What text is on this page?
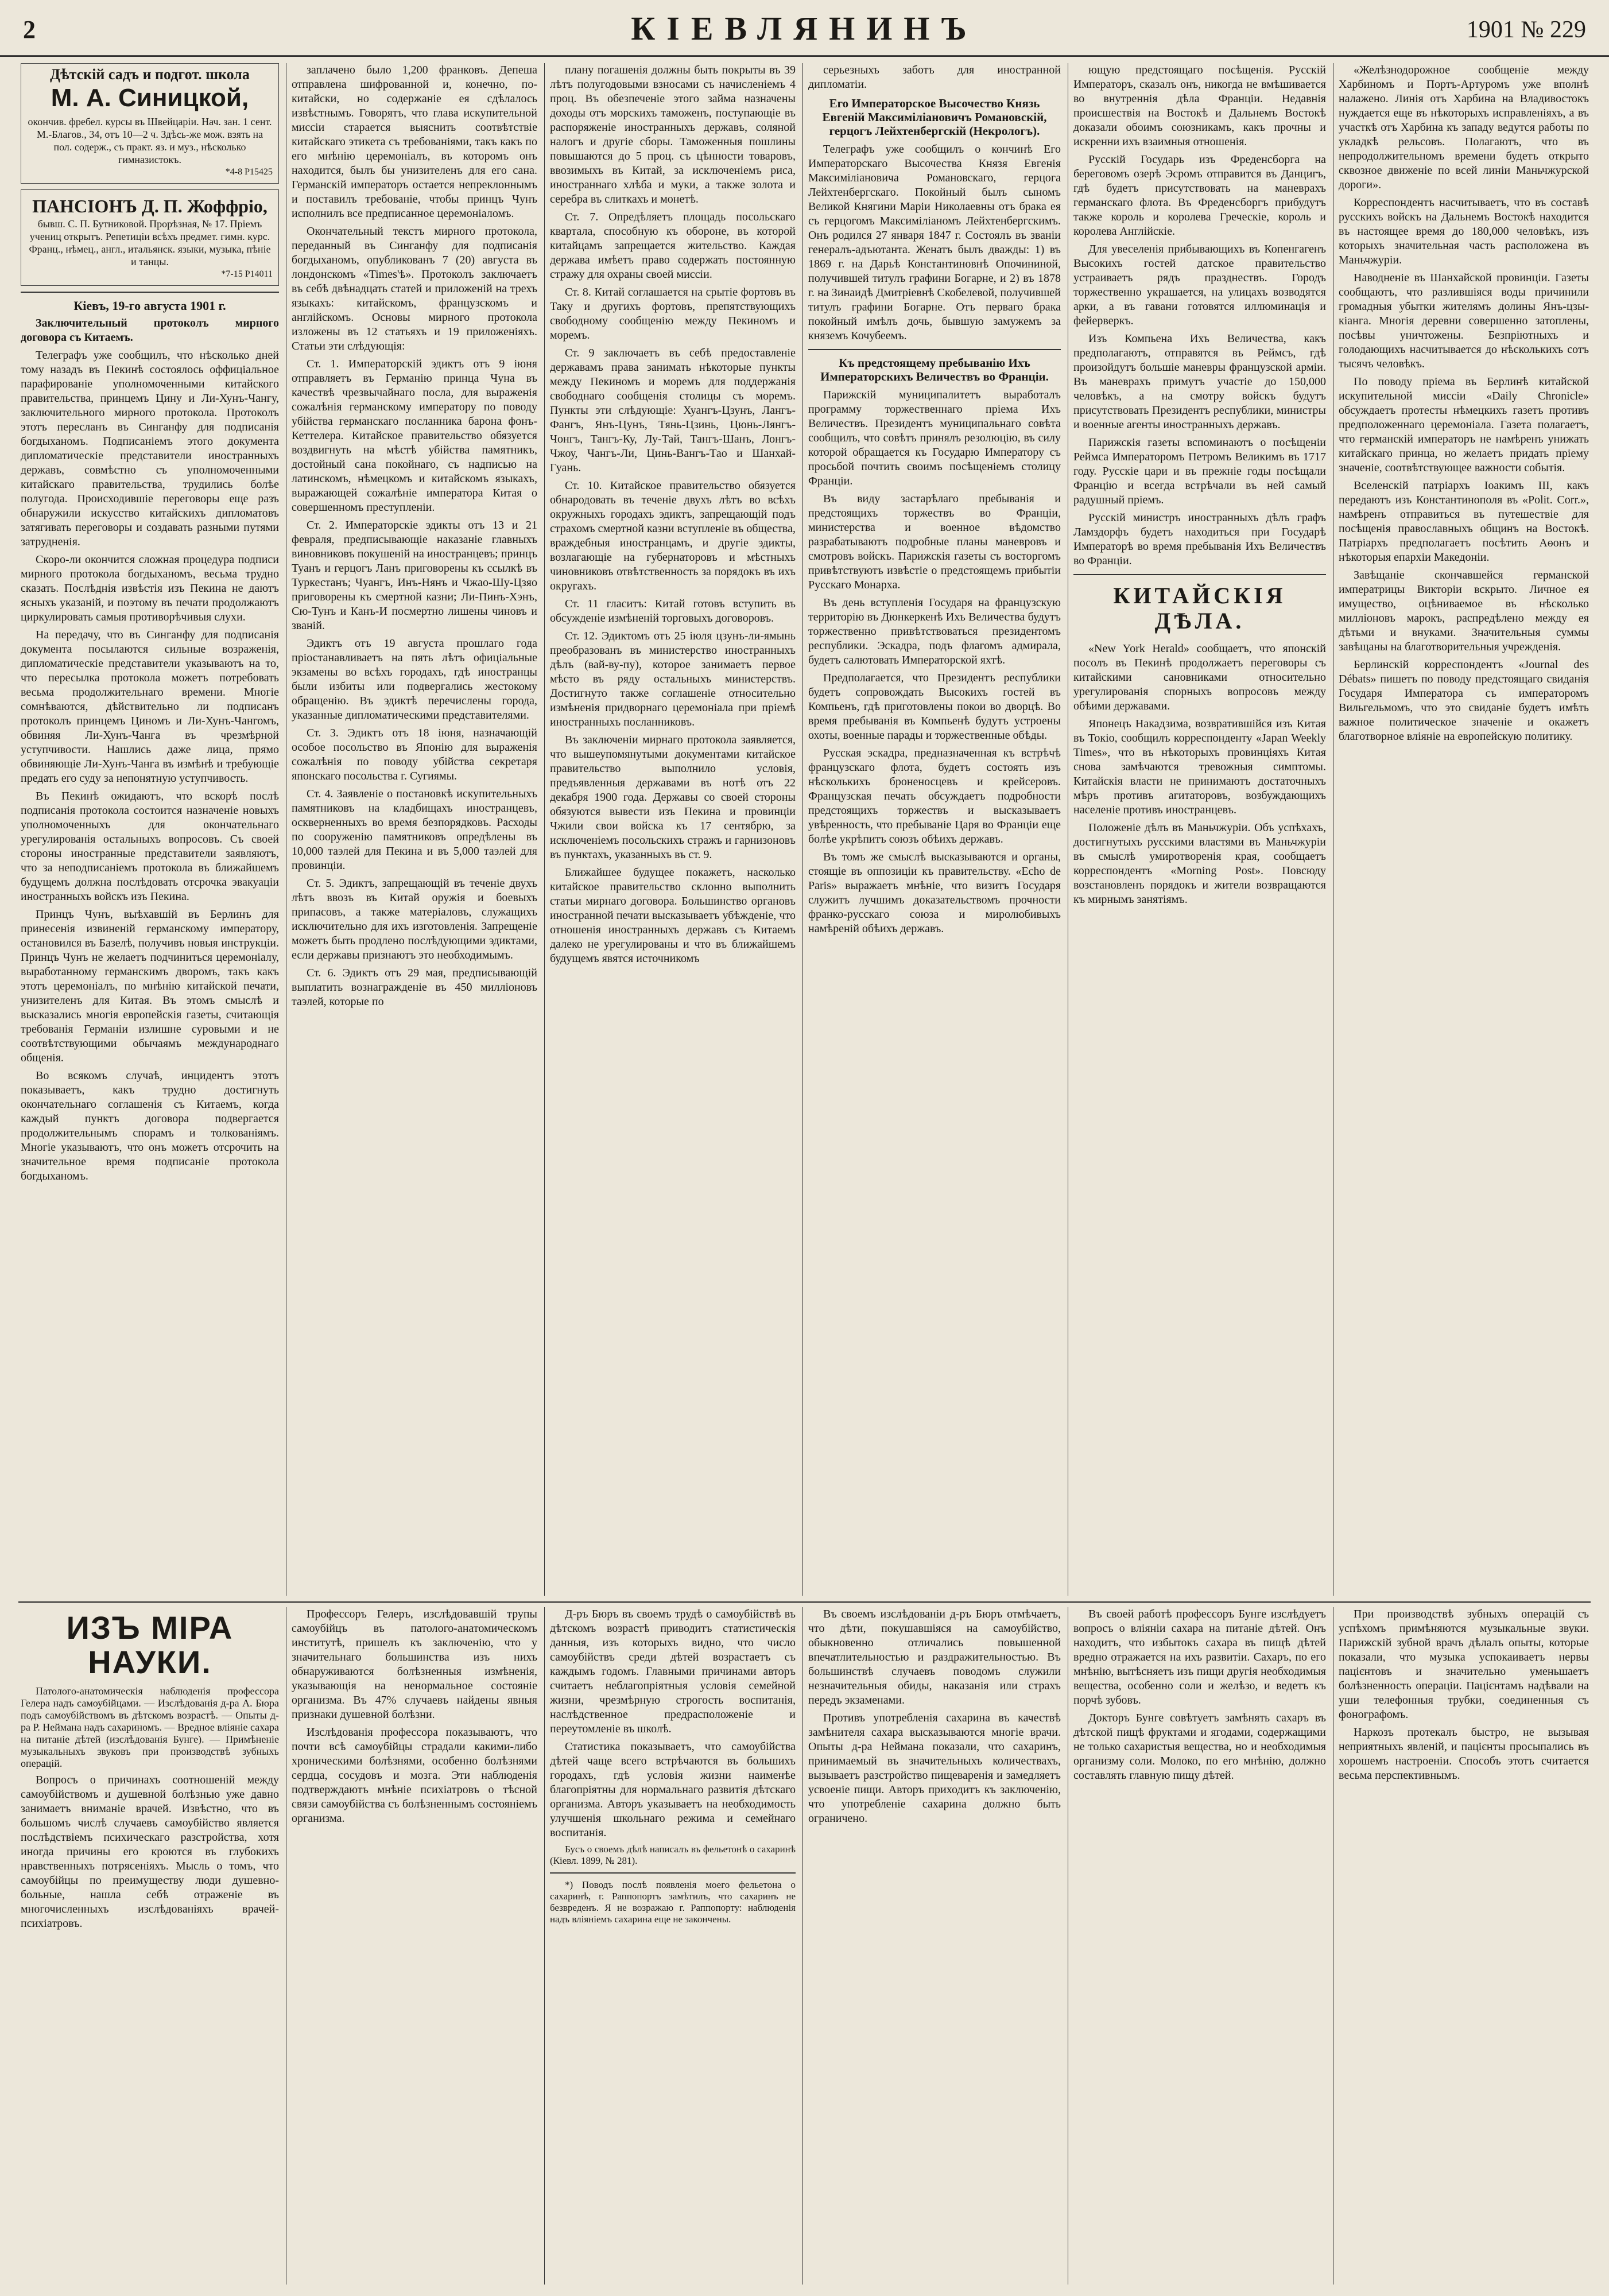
2	КІЕВЛЯНИНЪ	1901 № 229
Дѣтскій садъ и подгот. школа
М. А. Синицкой,
окончив. фребел. курсы въ Швейцаріи. Нач. зан. 1 сент. М.-Благов., 34, отъ 10—2 ч. Здѣсь-же мож. взять на пол. содерж., съ практ. яз. и муз., нѣсколько гимназистокъ.
*4-8 Р15425
ПАНСІОНЪ Д. П. Жоффріо,
бывш. С. П. Бутниковой. Прорѣзная, № 17. Пріемъ учениц открытъ. Репетиціи всѣхъ предмет. гимн. курс. Франц., нѣмец., англ., итальянск. языки, музыка, пѣніе и танцы.
*7-15 Р14011
Кіевъ, 19-го августа 1901 г.

Заключительный протоколъ мирного договора съ Китаемъ.

Телеграфъ уже сообщилъ, что нѣсколько дней тому назадъ въ Пекинѣ состоялось оффиціальное парафированіе уполномоченными китайского правительства, принцемъ Цину и Ли-Хунъ-Чангу, заключительного мирного протокола. Протоколъ этотъ пересланъ въ Синганфу для подписанія богдыханомъ. Подписаніемъ этого документа дипломатическіе представители иностранныхъ державъ, совмѣстно съ уполномоченными китайскаго правительства, трудились болѣе полугода. Происходившіе переговоры еще разъ обнаружили искусство китайскихъ дипломатовъ затягивать переговоры и создавать разными путями затрудненія.

Скоро-ли окончится сложная процедура подписи мирного протокола богдыханомъ, весьма трудно сказать. Послѣднія извѣстія изъ Пекина не даютъ ясныхъ указаній, и поэтому въ печати продолжаютъ циркулировать самыя противорѣчивыя слухи.

На передачу, что въ Синганфу для подписанія документа посылаются сильные возраженія, дипломатическіе представители указываютъ на то, что пересылка протокола можетъ потребовать весьма продолжительнаго времени. Многіе сомнѣваются, дѣйствительно ли подписанъ протоколъ принцемъ Циномъ и Ли-Хунъ-Чангомъ, обвиняя Ли-Хунъ-Чанга въ чрезмѣрной уступчивости. Нашлись даже лица, прямо обвиняющіе Ли-Хунъ-Чанга въ измѣнѣ и требующіе предать его суду за непонятную уступчивость.

Въ Пекинѣ ожидаютъ, что вскорѣ послѣ подписанія протокола состоится назначеніе новыхъ уполномоченныхъ для окончательнаго урегулированія остальныхъ вопросовъ. Съ своей стороны иностранные представители заявляютъ, что за неподписаніемъ протокола въ ближайшемъ будущемъ должна послѣдовать отсрочка эвакуаціи иностранныхъ войскъ изъ Пекина.

Принцъ Чунъ, выѣхавшій въ Берлинъ для принесенія извиненій германскому императору, остановился въ Базелѣ, получивъ новыя инструкціи. Принцъ Чунъ не желаетъ подчиниться церемоніалу, выработанному германскимъ дворомъ, такъ какъ этотъ церемоніалъ, по мнѣнію китайской печати, унизителенъ для Китая. Въ этомъ смыслѣ и высказались многія европейскія газеты, считающія требованія Германіи излишне суровыми и не соотвѣтствующими обычаямъ международнаго общенія.

Во всякомъ случаѣ, инцидентъ этотъ показываетъ, какъ трудно достигнуть окончательнаго соглашенія съ Китаемъ, когда каждый пунктъ договора подвергается продолжительнымъ спорамъ и толкованіямъ. Многіе указываютъ, что онъ можетъ отсрочить на значительное время подписаніе протокола богдыханомъ.

заплачено было 1,200 франковъ. Депеша отправлена шифрованной и, конечно, по-китайски, но содержаніе ея сдѣлалось извѣстнымъ. Говорятъ, что глава искупительной миссіи старается выяснить соотвѣтствіе китайскаго этикета съ требованіями, такъ какъ по его мнѣнію церемоніалъ, въ которомъ онъ находится, былъ бы унизителенъ для его сана. Германскій императоръ остается непреклоннымъ и поставилъ требованіе, чтобы принцъ Чунъ исполнилъ все предписанное церемоніаломъ.

Окончательный текстъ мирного протокола, переданный въ Синганфу для подписанія богдыханомъ, опубликованъ 7 (20) августа въ лондонскомъ «Times'ѣ». Протоколъ заключаетъ въ себѣ двѣнадцать статей и приложеній на трехъ языкахъ: китайскомъ, французскомъ и англійскомъ. Основы мирного протокола изложены въ 12 статьяхъ и 19 приложеніяхъ. Статьи эти слѣдующія:

Ст. 1. Императорскій эдиктъ отъ 9 іюня отправляетъ въ Германію принца Чуна въ качествѣ чрезвычайнаго посла, для выраженія сожалѣнія германскому императору по поводу убійства германскаго посланника барона фонъ-Кеттелера. Китайское правительство обязуется воздвигнуть на мѣстѣ убійства памятникъ, достойный сана покойнаго, съ надписью на латинскомъ, нѣмецкомъ и китайскомъ языкахъ, выражающей сожалѣніе императора Китая о совершенномъ преступленіи.

Ст. 2. Императорскіе эдикты отъ 13 и 21 февраля, предписывающіе наказаніе главныхъ виновниковъ покушеній на иностранцевъ; принцъ Туанъ и герцогъ Ланъ приговорены къ ссылкѣ въ Туркестанъ; Чуангъ, Инъ-Нянъ и Чжао-Шу-Цзяо приговорены къ смертной казни; Ли-Пинъ-Хэнъ, Сю-Тунъ и Канъ-И посмертно лишены чиновъ и званій.

Эдиктъ отъ 19 августа прошлаго года пріостанавливаетъ на пять лѣтъ офиціальные экзамены во всѣхъ городахъ, гдѣ иностранцы были избиты или подвергались жестокому обращенію. Въ эдиктѣ перечислены города, указанные дипломатическими представителями.

Ст. 3. Эдиктъ отъ 18 іюня, назначающій особое посольство въ Японію для выраженія сожалѣнія по поводу убійства секретаря японскаго посольства г. Сугиямы.

Ст. 4. Заявленіе о постановкѣ искупительныхъ памятниковъ на кладбищахъ иностранцевъ, оскверненныхъ во время безпорядковъ. Расходы по сооруженію памятниковъ опредѣлены въ 10,000 таэлей для Пекина и въ 5,000 таэлей для провинціи.

Ст. 5. Эдиктъ, запрещающій въ теченіе двухъ лѣтъ ввозъ въ Китай оружія и боевыхъ припасовъ, а также матеріаловъ, служащихъ исключительно для ихъ изготовленія. Запрещеніе можетъ быть продлено послѣдующими эдиктами, если державы признаютъ это необходимымъ.

Ст. 6. Эдиктъ отъ 29 мая, предписывающій выплатить вознагражденіе въ 450 милліоновъ таэлей, которые по

плану погашенія должны быть покрыты въ 39 лѣтъ полугодовыми взносами съ начисленіемъ 4 проц. Въ обезпеченіе этого займа назначены доходы отъ морскихъ таможенъ, поступающіе въ распоряженіе иностранныхъ державъ, соляной налогъ и другіе сборы. Таможенныя пошлины повышаются до 5 проц. съ цѣнности товаровъ, ввозимыхъ въ Китай, за исключеніемъ риса, иностраннаго хлѣба и муки, а также золота и серебра въ слиткахъ и монетѣ.

Ст. 7. Опредѣляетъ площадь посольскаго квартала, способную къ обороне, въ которой китайцамъ запрещается жительство. Каждая держава имѣетъ право содержать постоянную стражу для охраны своей миссіи.

Ст. 8. Китай соглашается на срытіе фортовъ въ Таку и другихъ фортовъ, препятствующихъ свободному сообщенію между Пекиномъ и моремъ.

Ст. 9 заключаетъ въ себѣ предоставленіе державамъ права занимать нѣкоторые пункты между Пекиномъ и моремъ для поддержанія свободнаго сообщенія столицы съ моремъ. Пункты эти слѣдующіе: Хуангъ-Цзунъ, Лангъ-Фангъ, Янъ-Цунъ, Тянь-Цзинь, Цюнь-Лянгъ-Чонгъ, Тангъ-Ку, Лу-Тай, Тангъ-Шанъ, Лонгъ-Чжоу, Чангъ-Ли, Цинь-Вангъ-Тао и Шанхай-Гуань.

Ст. 10. Китайское правительство обязуется обнародовать въ теченіе двухъ лѣтъ во всѣхъ окружныхъ городахъ эдиктъ, запрещающій подъ страхомъ смертной казни вступленіе въ общества, враждебныя иностранцамъ, и другіе эдикты, возлагающіе на губернаторовъ и мѣстныхъ чиновниковъ отвѣтственность за порядокъ въ ихъ округахъ.

Ст. 11 гласитъ: Китай готовъ вступить въ обсужденіе измѣненій торговыхъ договоровъ.

Ст. 12. Эдиктомъ отъ 25 іюля цзунъ-ли-ямынь преобразованъ въ министерство иностранныхъ дѣлъ (вай-ву-пу), которое занимаетъ первое мѣсто въ ряду остальныхъ министерствъ. Достигнуто также соглашеніе относительно измѣненія придворнаго церемоніала при пріемѣ иностранныхъ посланниковъ.

Въ заключеніи мирнаго протокола заявляется, что вышеупомянутыми документами китайское правительство выполнило условія, предъявленныя державами въ нотѣ отъ 22 декабря 1900 года. Державы со своей стороны обязуются вывести изъ Пекина и провинціи Чжили свои войска къ 17 сентябрю, за исключеніемъ посольскихъ стражъ и гарнизоновъ въ пунктахъ, указанныхъ въ ст. 9.

Ближайшее будущее покажетъ, насколько китайское правительство склонно выполнить статьи мирнаго договора. Большинство органовъ иностранной печати высказываетъ убѣжденіе, что отношенія иностранныхъ державъ съ Китаемъ далеко не урегулированы и что въ ближайшемъ будущемъ явятся источникомъ

серьезныхъ заботъ для иностранной дипломатіи.

Его Императорское Высочество Князь Евгеній Максиміліановичъ Романовскій, герцогъ Лейхтенбергскій (Некрологъ).

Телеграфъ уже сообщилъ о кончинѣ Его Императорскаго Высочества Князя Евгенія Максиміліановича Романовскаго, герцога Лейхтенбергскаго. Покойный былъ сыномъ Великой Княгини Маріи Николаевны отъ брака ея съ герцогомъ Максиміліаномъ Лейхтенбергскимъ. Онъ родился 27 января 1847 г. Состоялъ въ званіи генералъ-адъютанта. Женатъ былъ дважды: 1) въ 1869 г. на Дарьѣ Константиновнѣ Опочининой, получившей титулъ графини Богарне, и 2) въ 1878 г. на Зинаидѣ Дмитріевнѣ Скобелевой, получившей титулъ графини Богарне. Отъ перваго брака покойный имѣлъ дочь, бывшую замужемъ за княземъ Кочубеемъ.

Къ предстоящему пребыванію Ихъ Императорскихъ Величествъ во Франціи.

Парижскій муниципалитетъ выработалъ программу торжественнаго пріема Ихъ Величествъ. Президентъ муниципальнаго совѣта сообщилъ, что совѣтъ принялъ резолюцію, въ силу которой обращается къ Государю Императору съ просьбой почтить своимъ посѣщеніемъ столицу Франціи.

Въ виду застарѣлаго пребыванія и предстоящихъ торжествъ во Франціи, министерства и военное вѣдомство разрабатываютъ подробные планы маневровъ и смотровъ войскъ. Парижскія газеты съ восторгомъ привѣтствуютъ извѣстіе о предстоящемъ прибытіи Русскаго Монарха.

Въ день вступленія Государя на французскую территорію въ Дюнкеркенѣ Ихъ Величества будутъ торжественно привѣтствоваться президентомъ республики. Эскадра, подъ флагомъ адмирала, будетъ салютовать Императорской яхтѣ.

Предполагается, что Президентъ республики будетъ сопровождать Высокихъ гостей въ Компьенъ, гдѣ приготовлены покои во дворцѣ. Во время пребыванія въ Компьенѣ будутъ устроены охоты, военные парады и торжественные обѣды.

Русская эскадра, предназначенная къ встрѣчѣ французскаго флота, будетъ состоять изъ нѣсколькихъ броненосцевъ и крейсеровъ. Французская печать обсуждаетъ подробности предстоящихъ торжествъ и высказываетъ увѣренность, что пребываніе Царя во Франціи еще болѣе укрѣпитъ союзъ обѣихъ державъ.

Въ томъ же смыслѣ высказываются и органы, стоящіе въ оппозиціи къ правительству. «Echo de Paris» выражаетъ мнѣніе, что визитъ Государя служитъ лучшимъ доказательствомъ прочности франко-русскаго союза и миролюбивыхъ намѣреній обѣихъ державъ.

ющую предстоящаго посѣщенія. Русскій Императоръ, сказалъ онъ, никогда не вмѣшивается во внутреннія дѣла Франціи. Недавнія происшествія на Востокѣ и Дальнемъ Востокѣ доказали обоимъ союзникамъ, какъ прочны и искренни ихъ взаимныя отношенія.

Русскій Государь изъ Фреденсборга на береговомъ озерѣ Эсромъ отправится въ Данцигъ, гдѣ будетъ присутствовать на маневрахъ германскаго флота. Въ Фреденсборгъ прибудутъ также король и королева Греческіе, король и королева Англійскіе.

Для увеселенія прибывающихъ въ Копенгагенъ Высокихъ гостей датское правительство устраиваетъ рядъ празднествъ. Городъ торжественно украшается, на улицахъ возводятся арки, а въ гавани готовятся иллюминація и фейерверкъ.

Изъ Компьена Ихъ Величества, какъ предполагаютъ, отправятся въ Реймсъ, гдѣ произойдутъ большіе маневры французской арміи. Въ маневрахъ примутъ участіе до 150,000 человѣкъ, а на смотру войскъ будутъ присутствовать Президентъ республики, министры и военные агенты иностранныхъ державъ.

Парижскія газеты вспоминаютъ о посѣщеніи Реймса Императоромъ Петромъ Великимъ въ 1717 году. Русскіе цари и въ прежніе годы посѣщали Францію и всегда встрѣчали въ ней самый радушный пріемъ.

Русскій министръ иностранныхъ дѣлъ графъ Ламздорфъ будетъ находиться при Государѣ Императорѣ во время пребыванія Ихъ Величествъ во Франціи.

КИТАЙСКІЯ ДѢЛА.

«New York Herald» сообщаетъ, что японскій посолъ въ Пекинѣ продолжаетъ переговоры съ китайскими сановниками относительно урегулированія спорныхъ вопросовъ между обѣими державами.

Японецъ Накадзима, возвратившійся изъ Китая въ Токіо, сообщилъ корреспонденту «Japan Weekly Times», что въ нѣкоторыхъ провинціяхъ Китая снова замѣчаются тревожныя симптомы. Китайскія власти не принимаютъ достаточныхъ мѣръ противъ агитаторовъ, возбуждающихъ населеніе противъ иностранцевъ.

Положеніе дѣлъ въ Маньчжуріи. Объ успѣхахъ, достигнутыхъ русскими властями въ Маньчжуріи въ смыслѣ умиротворенія края, сообщаетъ корреспондентъ «Morning Post». Повсюду возстановленъ порядокъ и жители возвращаются къ мирнымъ занятіямъ.

«Желѣзнодорожное сообщеніе между Харбиномъ и Портъ-Артуромъ уже вполнѣ налажено. Линія отъ Харбина на Владивостокъ нуждается еще въ нѣкоторыхъ исправленіяхъ, а въ участкѣ отъ Харбина къ западу ведутся работы по укладкѣ рельсовъ. Полагаютъ, что въ непродолжительномъ времени будетъ открыто сквозное движеніе по всей линіи Маньчжурской дороги».

Корреспондентъ насчитываетъ, что въ составѣ русскихъ войскъ на Дальнемъ Востокѣ находится въ настоящее время до 180,000 человѣкъ, изъ которыхъ значительная часть расположена въ Маньчжуріи.

Наводненіе въ Шанхайской провинціи. Газеты сообщаютъ, что разлившіяся воды причинили громадныя убытки жителямъ долины Янъ-цзы-кіанга. Многія деревни совершенно затоплены, посѣвы уничтожены. Безпріютныхъ и голодающихъ насчитывается до нѣсколькихъ сотъ тысячъ человѣкъ.

По поводу пріема въ Берлинѣ китайской искупительной миссіи «Daily Chronicle» обсуждаетъ протесты нѣмецкихъ газетъ противъ предположеннаго церемоніала. Газета полагаетъ, что германскій императоръ не намѣренъ унижать китайскаго принца, но желаетъ придать пріему значеніе, соотвѣтствующее важности событія.

Вселенскій патріархъ Іоакимъ III, какъ передаютъ изъ Константинополя въ «Polit. Corr.», намѣренъ отправиться въ путешествіе для посѣщенія православныхъ общинъ на Востокѣ. Патріархъ предполагаетъ посѣтить Аѳонъ и нѣкоторыя епархіи Македоніи.

Завѣщаніе скончавшейся германской императрицы Викторіи вскрыто. Личное ея имущество, оцѣниваемое въ нѣсколько милліоновъ марокъ, распредѣлено между ея дѣтьми и внуками. Значительныя суммы завѣщаны на благотворительныя учрежденія.

Берлинскій корреспондентъ «Journal des Débats» пишетъ по поводу предстоящаго свиданія Государя Императора съ императоромъ Вильгельмомъ, что это свиданіе будетъ имѣть важное политическое значеніе и окажетъ благотворное вліяніе на европейскую политику.

ИЗЪ МІРА НАУКИ.

Патолого-анатомическія наблюденія профессора Гелера надъ самоубійцами. — Изслѣдованія д-ра А. Бюра подъ самоубійствомъ въ дѣтскомъ возрастѣ. — Опыты д-ра Р. Неймана надъ сахариномъ. — Вредное вліяніе сахара на питаніе дѣтей (изслѣдованія Бунге). — Примѣненіе музыкальныхъ звуковъ при производствѣ зубныхъ операцій.

Вопросъ о причинахъ соотношеній между самоубійствомъ и душевной болѣзнью уже давно занимаетъ вниманіе врачей. Извѣстно, что въ большомъ числѣ случаевъ самоубійство является послѣдствіемъ психическаго разстройства, хотя иногда причины его кроются въ глубокихъ нравственныхъ потрясеніяхъ. Мысль о томъ, что самоубійцы по преимуществу люди душевно-больные, нашла себѣ отраженіе въ многочисленныхъ изслѣдованіяхъ врачей-психіатровъ.

Профессоръ Гелеръ, изслѣдовавшій трупы самоубійцъ въ патолого-анатомическомъ институтѣ, пришелъ къ заключенію, что у значительнаго большинства изъ нихъ обнаруживаются болѣзненныя измѣненія, указывающія на ненормальное состояніе организма. Въ 47% случаевъ найдены явныя признаки душевной болѣзни.

Изслѣдованія профессора показываютъ, что почти всѣ самоубійцы страдали какими-либо хроническими болѣзнями, особенно болѣзнями сердца, сосудовъ и мозга. Эти наблюденія подтверждаютъ мнѣніе психіатровъ о тѣсной связи самоубійства съ болѣзненнымъ состояніемъ организма.

Д-ръ Бюръ въ своемъ трудѣ о самоубійствѣ въ дѣтскомъ возрастѣ приводитъ статистическія данныя, изъ которыхъ видно, что число самоубійствъ среди дѣтей возрастаетъ съ каждымъ годомъ. Главными причинами авторъ считаетъ неблагопріятныя условія семейной жизни, чрезмѣрную строгость воспитанія, наслѣдственное предрасположеніе и переутомленіе въ школѣ.

Статистика показываетъ, что самоубійства дѣтей чаще всего встрѣчаются въ большихъ городахъ, гдѣ условія жизни наименѣе благопріятны для нормальнаго развитія дѣтскаго организма. Авторъ указываетъ на необходимость улучшенія школьнаго режима и семейнаго воспитанія.

Бусъ о своемъ дѣлѣ написалъ въ фельетонѣ о сахаринѣ (Кіевл. 1899, № 281).

*) Поводъ послѣ появленія моего фельетона о сахаринѣ, г. Раппопортъ замѣтилъ, что сахаринъ не безвреденъ. Я не возражаю г. Раппопорту: наблюденія надъ вліяніемъ сахарина еще не закончены.

Въ своемъ изслѣдованіи д-ръ Бюръ отмѣчаетъ, что дѣти, покушавшіяся на самоубійство, обыкновенно отличались повышенной впечатлительностью и раздражительностью. Въ большинствѣ случаевъ поводомъ служили незначительныя обиды, наказанія или страхъ передъ экзаменами.

Противъ употребленія сахарина въ качествѣ замѣнителя сахара высказываются многіе врачи. Опыты д-ра Неймана показали, что сахаринъ, принимаемый въ значительныхъ количествахъ, вызываетъ разстройство пищеваренія и замедляетъ усвоеніе пищи. Авторъ приходитъ къ заключенію, что употребленіе сахарина должно быть ограничено.

Въ своей работѣ профессоръ Бунге изслѣдуетъ вопросъ о вліяніи сахара на питаніе дѣтей. Онъ находитъ, что избытокъ сахара въ пищѣ дѣтей вредно отражается на ихъ развитіи. Сахаръ, по его мнѣнію, вытѣсняетъ изъ пищи другія необходимыя вещества, особенно соли и желѣзо, и ведетъ къ порчѣ зубовъ.

Докторъ Бунге совѣтуетъ замѣнять сахаръ въ дѣтской пищѣ фруктами и ягодами, содержащими не только сахаристыя вещества, но и необходимыя организму соли. Молоко, по его мнѣнію, должно составлять главную пищу дѣтей.

При производствѣ зубныхъ операцій съ успѣхомъ примѣняются музыкальные звуки. Парижскій зубной врачъ дѣлалъ опыты, которые показали, что музыка успокаиваетъ нервы пацієнтовъ и значительно уменьшаетъ болѣзненность операціи. Пацієнтамъ надѣвали на уши телефонныя трубки, соединенныя съ фонографомъ.

Наркозъ протекалъ быстро, не вызывая неприятныхъ явленій, и пацієнты просыпались въ хорошемъ настроеніи. Способъ этотъ считается весьма перспективнымъ.
